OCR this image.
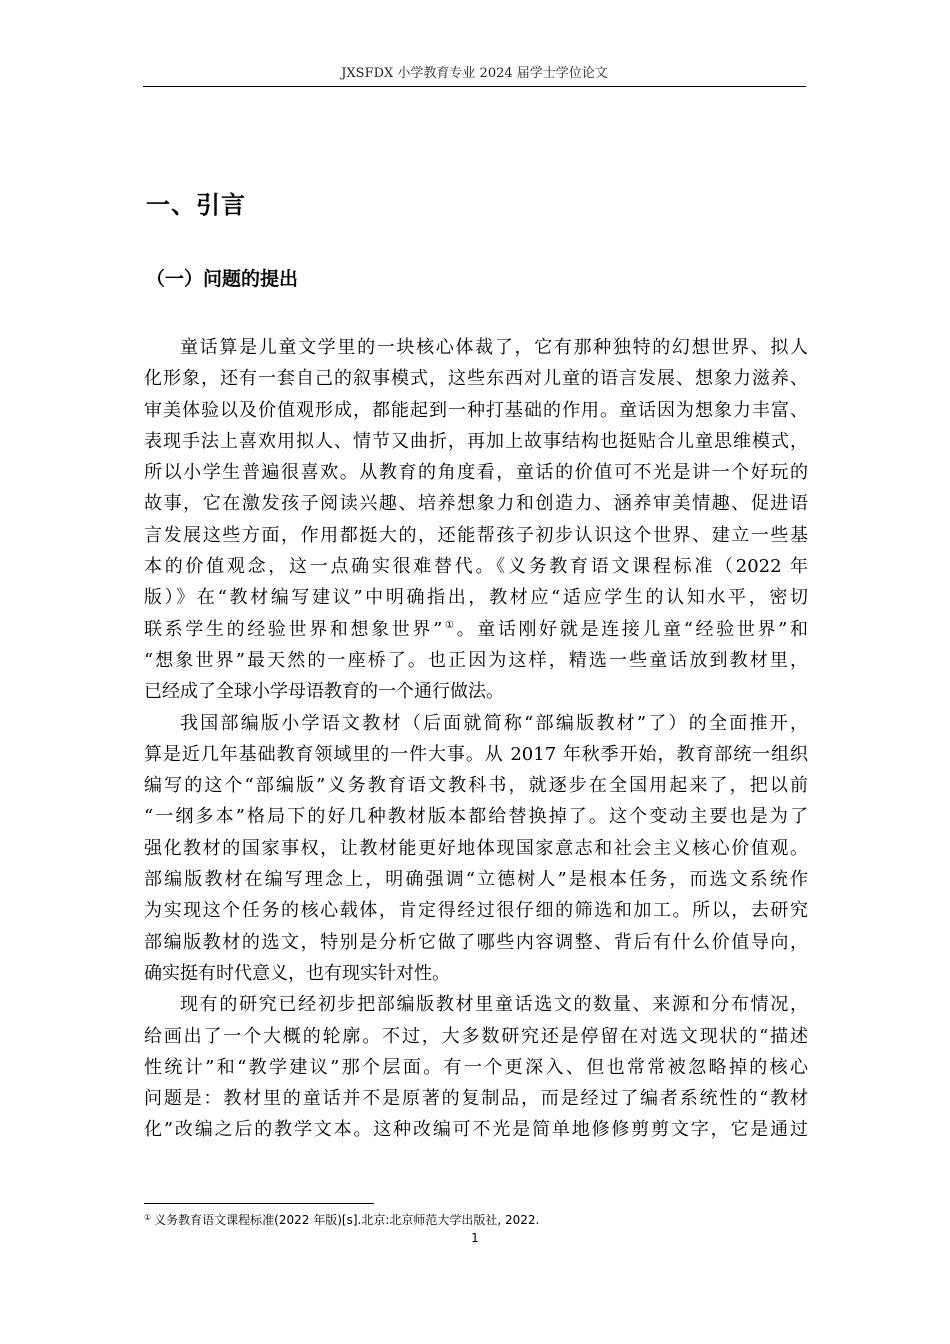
JXSFDX 小学教育专业 2024 届学士学位论文
一、引言
（一）问题的提出
童话算是儿童文学里的一块核心体裁了，它有那种独特的幻想世界、拟人
化形象，还有一套自己的叙事模式，这些东西对儿童的语言发展、想象力滋养、
审美体验以及价值观形成，都能起到一种打基础的作用。童话因为想象力丰富、
表现手法上喜欢用拟人、情节又曲折，再加上故事结构也挺贴合儿童思维模式，
所以小学生普遍很喜欢。从教育的角度看，童话的价值可不光是讲一个好玩的
故事，它在激发孩子阅读兴趣、培养想象力和创造力、涵养审美情趣、促进语
言发展这些方面，作用都挺大的，还能帮孩子初步认识这个世界、建立一些基
本的价值观念，这一点确实很难替代。《义务教育语文课程标准（2022 年
版）》在“教材编写建议”中明确指出，教材应“适应学生的认知水平，密切
联系学生的经验世界和想象世界”①。童话刚好就是连接儿童“经验世界”和
“想象世界”最天然的一座桥了。也正因为这样，精选一些童话放到教材里，
已经成了全球小学母语教育的一个通行做法。
我国部编版小学语文教材（后面就简称“部编版教材”了）的全面推开，
算是近几年基础教育领域里的一件大事。从 2017 年秋季开始，教育部统一组织
编写的这个“部编版”义务教育语文教科书，就逐步在全国用起来了，把以前
“一纲多本”格局下的好几种教材版本都给替换掉了。这个变动主要也是为了
强化教材的国家事权，让教材能更好地体现国家意志和社会主义核心价值观。
部编版教材在编写理念上，明确强调“立德树人”是根本任务，而选文系统作
为实现这个任务的核心载体，肯定得经过很仔细的筛选和加工。所以，去研究
部编版教材的选文，特别是分析它做了哪些内容调整、背后有什么价值导向，
确实挺有时代意义，也有现实针对性。
现有的研究已经初步把部编版教材里童话选文的数量、来源和分布情况，
给画出了一个大概的轮廓。不过，大多数研究还是停留在对选文现状的“描述
性统计”和“教学建议”那个层面。有一个更深入、但也常常被忽略掉的核心
问题是：教材里的童话并不是原著的复制品，而是经过了编者系统性的“教材
化”改编之后的教学文本。这种改编可不光是简单地修修剪剪文字，它是通过
① 义务教育语文课程标准(2022 年版)[s].北京:北京师范大学出版社, 2022.
1
